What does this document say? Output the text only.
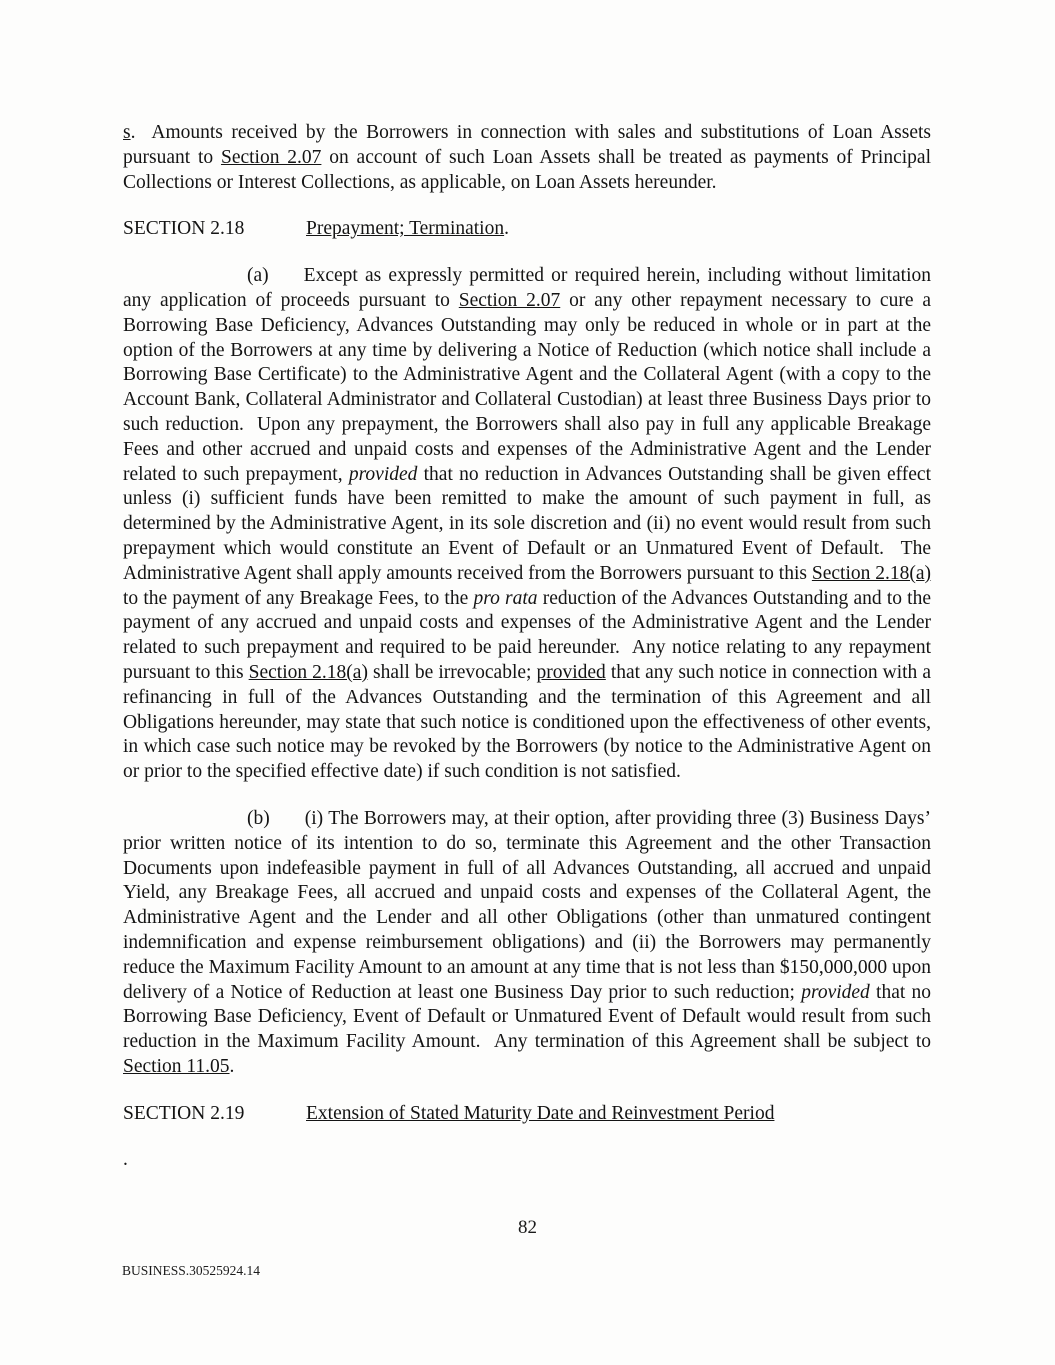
s.  Amounts received by the Borrowers in connection with sales and substitutions of Loan Assets pursuant to Section 2.07 on account of such Loan Assets shall be treated as payments of Principal Collections or Interest Collections, as applicable, on Loan Assets hereunder.

SECTION 2.18	Prepayment; Termination.

(a) Except as expressly permitted or required herein, including without limitation any application of proceeds pursuant to Section 2.07 or any other repayment necessary to cure a Borrowing Base Deficiency, Advances Outstanding may only be reduced in whole or in part at the option of the Borrowers at any time by delivering a Notice of Reduction (which notice shall include a Borrowing Base Certificate) to the Administrative Agent and the Collateral Agent (with a copy to the Account Bank, Collateral Administrator and Collateral Custodian) at least three Business Days prior to such reduction.  Upon any prepayment, the Borrowers shall also pay in full any applicable Breakage Fees and other accrued and unpaid costs and expenses of the Administrative Agent and the Lender related to such prepayment, provided that no reduction in Advances Outstanding shall be given effect unless (i) sufficient funds have been remitted to make the amount of such payment in full, as determined by the Administrative Agent, in its sole discretion and (ii) no event would result from such prepayment which would constitute an Event of Default or an Unmatured Event of Default.  The Administrative Agent shall apply amounts received from the Borrowers pursuant to this Section 2.18(a) to the payment of any Breakage Fees, to the pro rata reduction of the Advances Outstanding and to the payment of any accrued and unpaid costs and expenses of the Administrative Agent and the Lender related to such prepayment and required to be paid hereunder.  Any notice relating to any repayment pursuant to this Section 2.18(a) shall be irrevocable; provided that any such notice in connection with a refinancing in full of the Advances Outstanding and the termination of this Agreement and all Obligations hereunder, may state that such notice is conditioned upon the effectiveness of other events, in which case such notice may be revoked by the Borrowers (by notice to the Administrative Agent on or prior to the specified effective date) if such condition is not satisfied.

(b) (i) The Borrowers may, at their option, after providing three (3) Business Days’ prior written notice of its intention to do so, terminate this Agreement and the other Transaction Documents upon indefeasible payment in full of all Advances Outstanding, all accrued and unpaid Yield, any Breakage Fees, all accrued and unpaid costs and expenses of the Collateral Agent, the Administrative Agent and the Lender and all other Obligations (other than unmatured contingent indemnification and expense reimbursement obligations) and (ii) the Borrowers may permanently reduce the Maximum Facility Amount to an amount at any time that is not less than $150,000,000 upon delivery of a Notice of Reduction at least one Business Day prior to such reduction; provided that no Borrowing Base Deficiency, Event of Default or Unmatured Event of Default would result from such reduction in the Maximum Facility Amount.  Any termination of this Agreement shall be subject to Section 11.05.

SECTION 2.19	Extension of Stated Maturity Date and Reinvestment Period

.

82
BUSINESS.30525924.14
